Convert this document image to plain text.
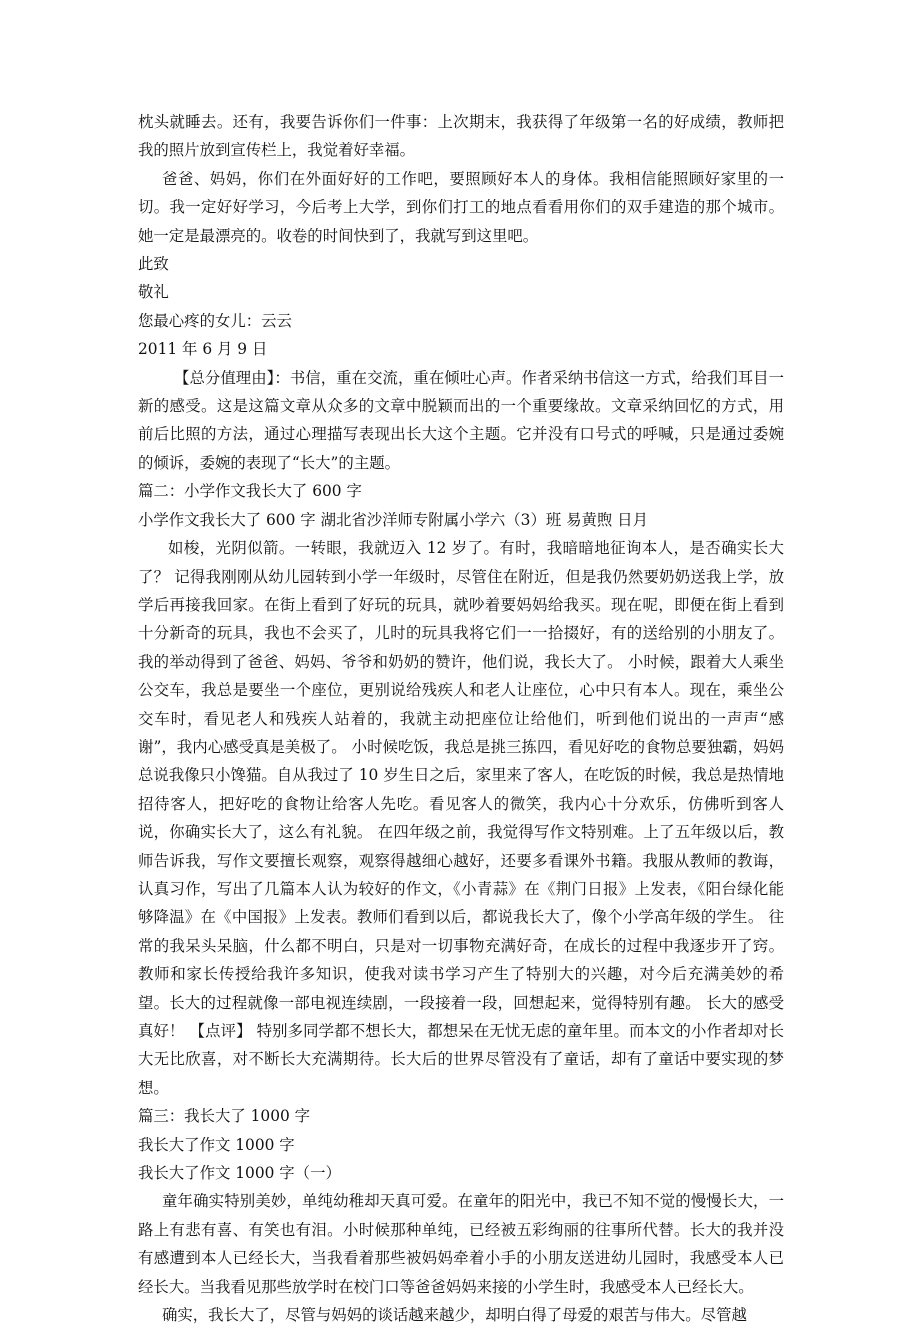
枕头就睡去。还有，我要告诉你们一件事：上次期末，我获得了年级第一名的好成绩，教师把我的照片放到宣传栏上，我觉着好幸福。

爸爸、妈妈，你们在外面好好的工作吧，要照顾好本人的身体。我相信能照顾好家里的一切。我一定好好学习，今后考上大学，到你们打工的地点看看用你们的双手建造的那个城市。她一定是最漂亮的。收卷的时间快到了，我就写到这里吧。

此致

敬礼

您最心疼的女儿：云云

2011 年 6 月 9 日

【总分值理由】：书信，重在交流，重在倾吐心声。作者采纳书信这一方式，给我们耳目一新的感受。这是这篇文章从众多的文章中脱颖而出的一个重要缘故。文章采纳回忆的方式，用前后比照的方法，通过心理描写表现出长大这个主题。它并没有口号式的呼喊，只是通过委婉的倾诉，委婉的表现了“长大”的主题。

篇二：小学作文我长大了 600 字

小学作文我长大了 600 字 湖北省沙洋师专附属小学六（3）班 易黄煦 日月

如梭，光阴似箭。一转眼，我就迈入 12 岁了。有时，我暗暗地征询本人，是否确实长大了？ 记得我刚刚从幼儿园转到小学一年级时，尽管住在附近，但是我仍然要奶奶送我上学，放学后再接我回家。在街上看到了好玩的玩具，就吵着要妈妈给我买。现在呢，即便在街上看到十分新奇的玩具，我也不会买了，儿时的玩具我将它们一一拾掇好，有的送给别的小朋友了。我的举动得到了爸爸、妈妈、爷爷和奶奶的赞许，他们说，我长大了。 小时候，跟着大人乘坐公交车，我总是要坐一个座位，更别说给残疾人和老人让座位，心中只有本人。现在，乘坐公交车时，看见老人和残疾人站着的，我就主动把座位让给他们，听到他们说出的一声声“感谢”，我内心感受真是美极了。 小时候吃饭，我总是挑三拣四，看见好吃的食物总要独霸，妈妈总说我像只小馋猫。自从我过了 10 岁生日之后，家里来了客人，在吃饭的时候，我总是热情地招待客人，把好吃的食物让给客人先吃。看见客人的微笑，我内心十分欢乐，仿佛听到客人说，你确实长大了，这么有礼貌。 在四年级之前，我觉得写作文特别难。上了五年级以后，教师告诉我，写作文要擅长观察，观察得越细心越好，还要多看课外书籍。我服从教师的教诲，认真习作，写出了几篇本人认为较好的作文，《小青蒜》在《荆门日报》上发表，《阳台绿化能够降温》在《中国报》上发表。教师们看到以后，都说我长大了，像个小学高年级的学生。 往常的我呆头呆脑，什么都不明白，只是对一切事物充满好奇，在成长的过程中我逐步开了窍。教师和家长传授给我许多知识，使我对读书学习产生了特别大的兴趣，对今后充满美妙的希望。长大的过程就像一部电视连续剧，一段接着一段，回想起来，觉得特别有趣。 长大的感受真好！ 【点评】 特别多同学都不想长大，都想呆在无忧无虑的童年里。而本文的小作者却对长大无比欣喜，对不断长大充满期待。长大后的世界尽管没有了童话，却有了童话中要实现的梦想。

篇三：我长大了 1000 字

我长大了作文 1000 字

我长大了作文 1000 字（一）

童年确实特别美妙，单纯幼稚却天真可爱。在童年的阳光中，我已不知不觉的慢慢长大，一路上有悲有喜、有笑也有泪。小时候那种单纯，已经被五彩绚丽的往事所代替。长大的我并没有感遭到本人已经长大，当我看着那些被妈妈牵着小手的小朋友送进幼儿园时，我感受本人已经长大。当我看见那些放学时在校门口等爸爸妈妈来接的小学生时，我感受本人已经长大。

确实，我长大了，尽管与妈妈的谈话越来越少，却明白得了母爱的艰苦与伟大。尽管越
